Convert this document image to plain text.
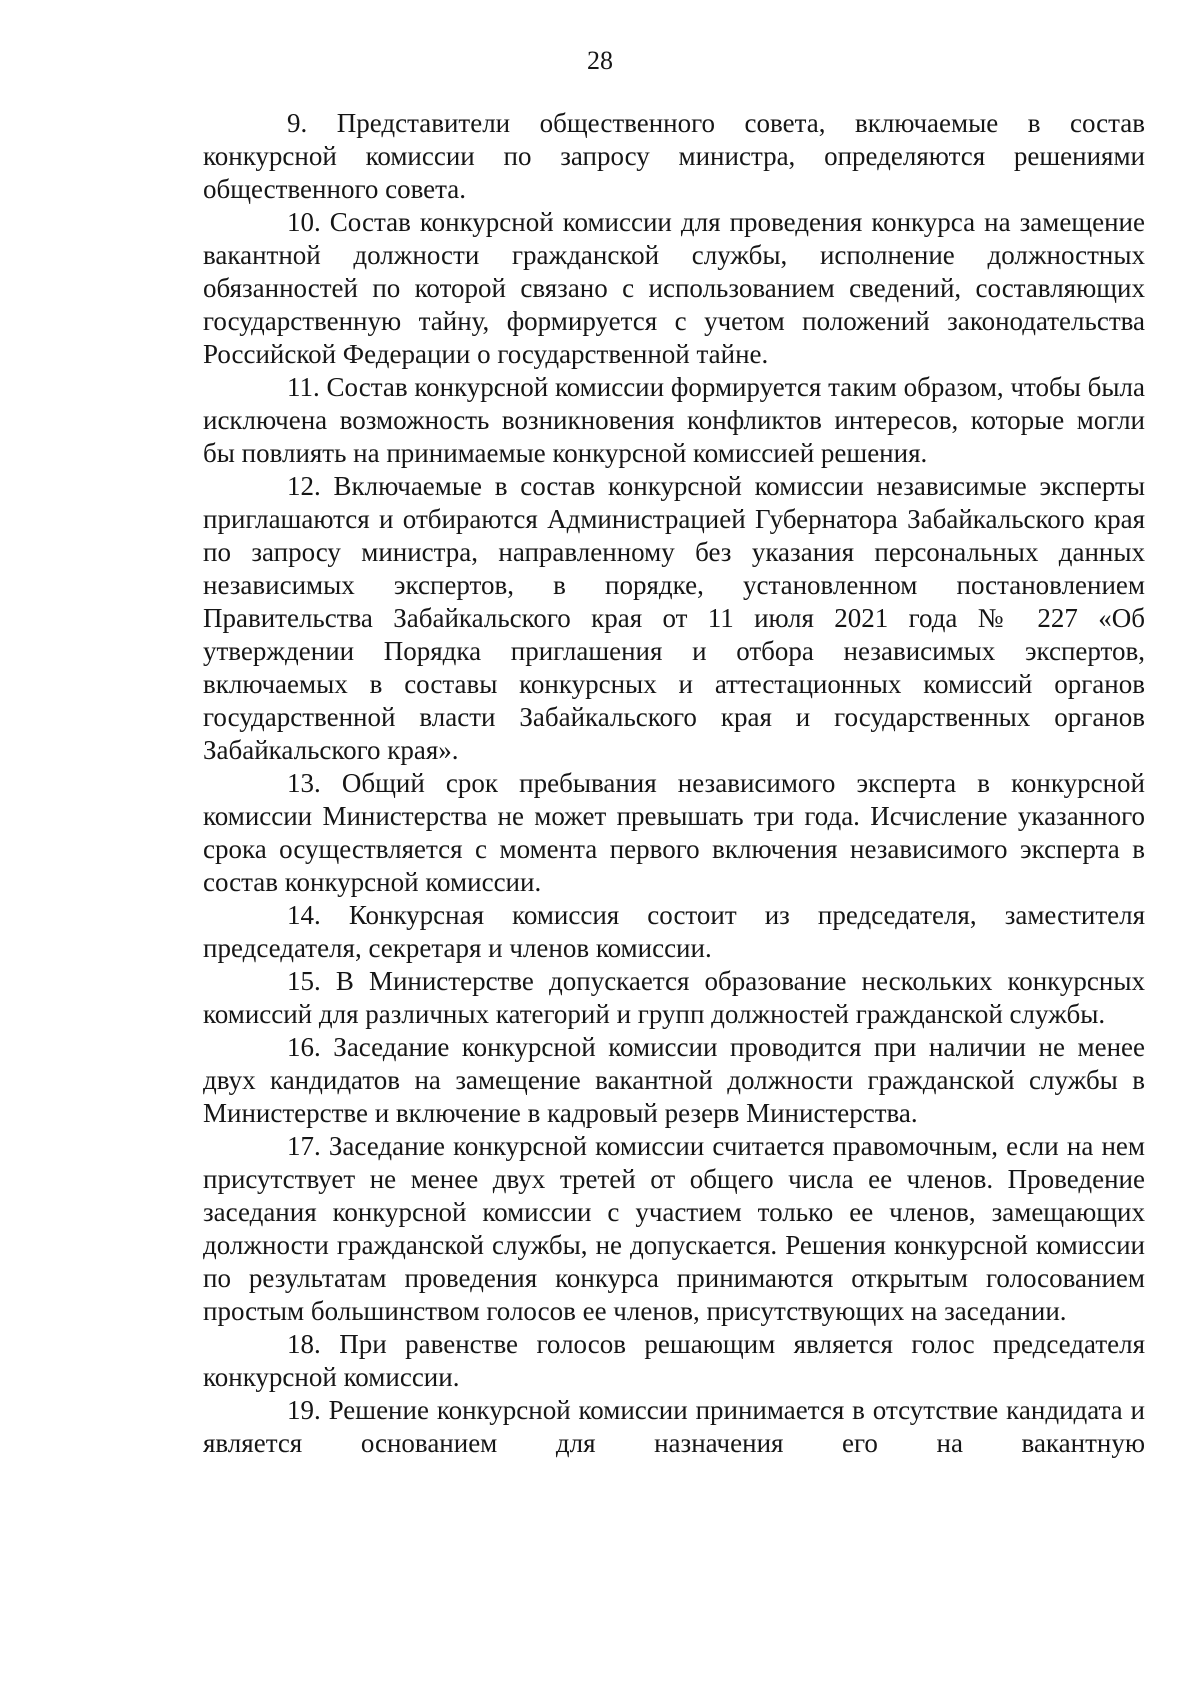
28

9. Представители общественного совета, включаемые в состав конкурсной комиссии по запросу министра, определяются решениями общественного совета.

10. Состав конкурсной комиссии для проведения конкурса на замещение вакантной должности гражданской службы, исполнение должностных обязанностей по которой связано с использованием сведений, составляющих государственную тайну, формируется с учетом положений законодательства Российской Федерации о государственной тайне.

11. Состав конкурсной комиссии формируется таким образом, чтобы была исключена возможность возникновения конфликтов интересов, которые могли бы повлиять на принимаемые конкурсной комиссией решения.

12. Включаемые в состав конкурсной комиссии независимые эксперты приглашаются и отбираются Администрацией Губернатора Забайкальского края по запросу министра, направленному без указания персональных данных независимых экспертов, в порядке, установленном постановлением Правительства Забайкальского края от 11 июля 2021 года № 227 «Об утверждении Порядка приглашения и отбора независимых экспертов, включаемых в составы конкурсных и аттестационных комиссий органов государственной власти Забайкальского края и государственных органов Забайкальского края».

13. Общий срок пребывания независимого эксперта в конкурсной комиссии Министерства не может превышать три года. Исчисление указанного срока осуществляется с момента первого включения независимого эксперта в состав конкурсной комиссии.

14. Конкурсная комиссия состоит из председателя, заместителя председателя, секретаря и членов комиссии.

15. В Министерстве допускается образование нескольких конкурсных комиссий для различных категорий и групп должностей гражданской службы.

16. Заседание конкурсной комиссии проводится при наличии не менее двух кандидатов на замещение вакантной должности гражданской службы в Министерстве и включение в кадровый резерв Министерства.

17. Заседание конкурсной комиссии считается правомочным, если на нем присутствует не менее двух третей от общего числа ее членов. Проведение заседания конкурсной комиссии с участием только ее членов, замещающих должности гражданской службы, не допускается. Решения конкурсной комиссии по результатам проведения конкурса принимаются открытым голосованием простым большинством голосов ее членов, присутствующих на заседании.

18. При равенстве голосов решающим является голос председателя конкурсной комиссии.

19. Решение конкурсной комиссии принимается в отсутствие кандидата и является основанием для назначения его на вакантную
